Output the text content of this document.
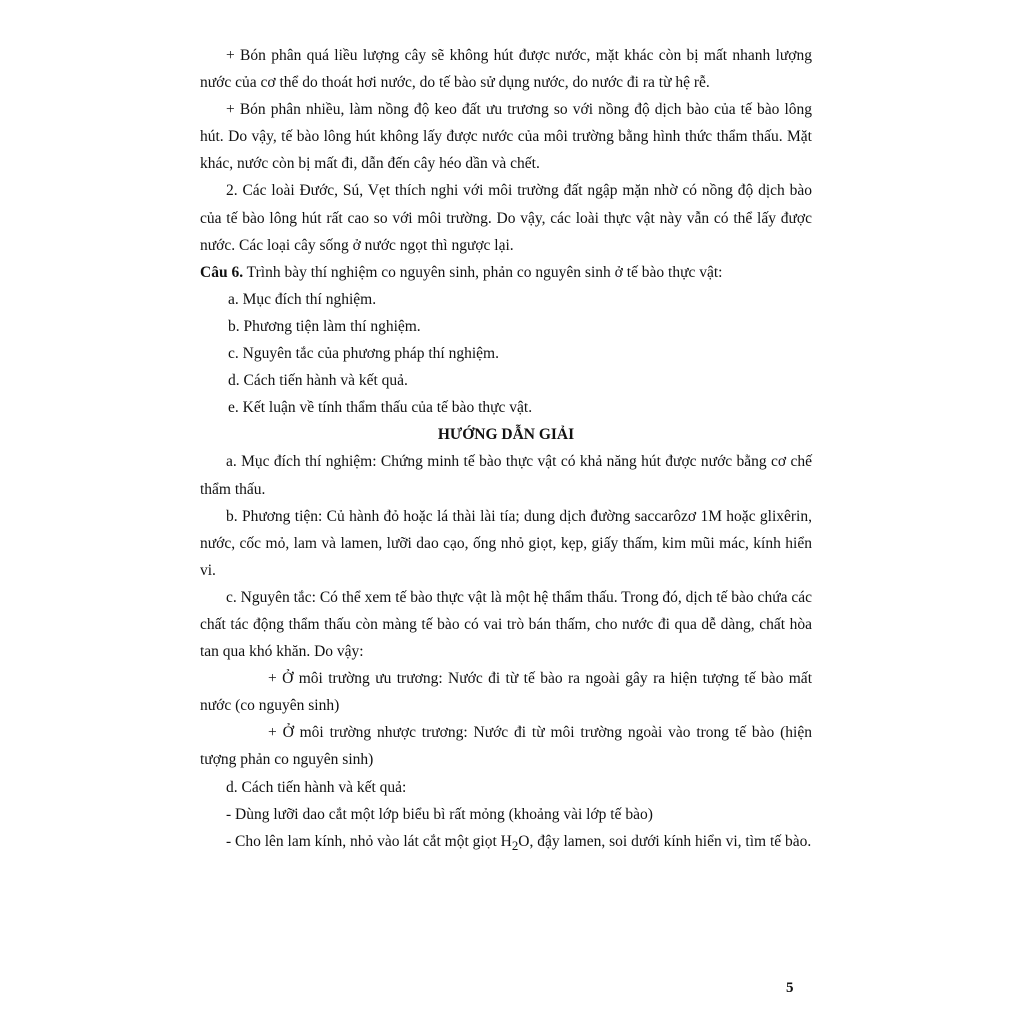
+ Bón phân quá liều lượng cây sẽ không hút được nước, mặt khác còn bị mất nhanh lượng nước của cơ thể do thoát hơi nước, do tế bào sử dụng nước, do nước đi ra từ hệ rễ.

+ Bón phân nhiều, làm nồng độ keo đất ưu trương so với nồng độ dịch bào của tế bào lông hút. Do vậy, tế bào lông hút không lấy được nước của môi trường bằng hình thức thẩm thấu. Mặt khác, nước còn bị mất đi, dẫn đến cây héo dần và chết.

2. Các loài Đước, Sú, Vẹt thích nghi với môi trường đất ngập mặn nhờ có nồng độ dịch bào của tế bào lông hút rất cao so với môi trường. Do vậy, các loài thực vật này vẫn có thể lấy được nước. Các loại cây sống ở nước ngọt thì ngược lại.

Câu 6. Trình bày thí nghiệm co nguyên sinh, phản co nguyên sinh ở tế bào thực vật:

a. Mục đích thí nghiệm.

b. Phương tiện làm thí nghiệm.

c. Nguyên tắc của phương pháp thí nghiệm.

d. Cách tiến hành và kết quả.

e. Kết luận về tính thẩm thấu của tế bào thực vật.

HƯỚNG DẪN GIẢI

a. Mục đích thí nghiệm: Chứng minh tế bào thực vật có khả năng hút được nước bằng cơ chế thẩm thấu.

b. Phương tiện: Củ hành đỏ hoặc lá thài lài tía; dung dịch đường saccarôzơ 1M hoặc glixêrin, nước, cốc mỏ, lam và lamen, lưỡi dao cạo, ống nhỏ giọt, kẹp, giấy thấm, kim mũi mác, kính hiển vi.

c. Nguyên tắc: Có thể xem tế bào thực vật là một hệ thẩm thấu. Trong đó, dịch tế bào chứa các chất tác động thẩm thấu còn màng tế bào có vai trò bán thấm, cho nước đi qua dễ dàng, chất hòa tan qua khó khăn. Do vậy:

+ Ở môi trường ưu trương: Nước đi từ tế bào ra ngoài gây ra hiện tượng tế bào mất nước (co nguyên sinh)

+ Ở môi trường nhược trương: Nước đi từ môi trường ngoài vào trong tế bào (hiện tượng phản co nguyên sinh)

d. Cách tiến hành và kết quả:

- Dùng lưỡi dao cắt một lớp biểu bì rất mỏng (khoảng vài lớp tế bào)

- Cho lên lam kính, nhỏ vào lát cắt một giọt $H_2O$, đậy lamen, soi dưới kính hiển vi, tìm tế bào.

5
